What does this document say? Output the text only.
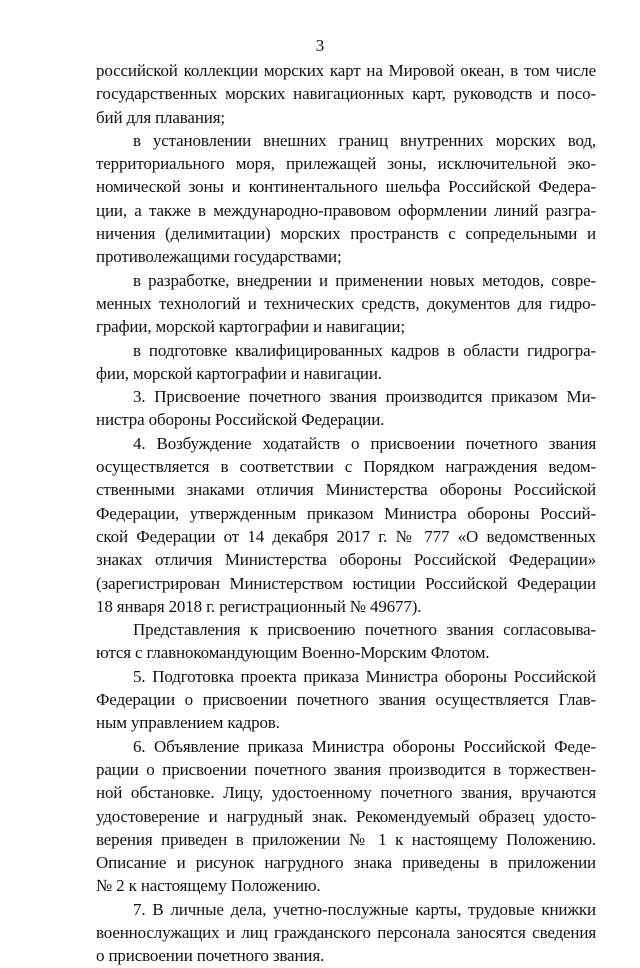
3

российской коллекции морских карт на Мировой океан, в том числе
государственных морских навигационных карт, руководств и посо-
бий для плавания;

в установлении внешних границ внутренних морских вод,
территориального моря, прилежащей зоны, исключительной эко-
номической зоны и континентального шельфа Российской Федера-
ции, а также в международно-правовом оформлении линий разгра-
ничения (делимитации) морских пространств с сопредельными и
противолежащими государствами;

в разработке, внедрении и применении новых методов, совре-
менных технологий и технических средств, документов для гидро-
графии, морской картографии и навигации;

в подготовке квалифицированных кадров в области гидрогра-
фии, морской картографии и навигации.

3. Присвоение почетного звания производится приказом Ми-
нистра обороны Российской Федерации.

4. Возбуждение ходатайств о присвоении почетного звания
осуществляется в соответствии с Порядком награждения ведом-
ственными знаками отличия Министерства обороны Российской
Федерации, утвержденным приказом Министра обороны Россий-
ской Федерации от 14 декабря 2017 г. № 777 «О ведомственных
знаках отличия Министерства обороны Российской Федерации»
(зарегистрирован Министерством юстиции Российской Федерации
18 января 2018 г. регистрационный № 49677).

Представления к присвоению почетного звания согласовыва-
ются с главнокомандующим Военно-Морским Флотом.

5. Подготовка проекта приказа Министра обороны Российской
Федерации о присвоении почетного звания осуществляется Глав-
ным управлением кадров.

6. Объявление приказа Министра обороны Российской Феде-
рации о присвоении почетного звания производится в торжествен-
ной обстановке. Лицу, удостоенному почетного звания, вручаются
удостоверение и нагрудный знак. Рекомендуемый образец удосто-
верения приведен в приложении № 1 к настоящему Положению.
Описание и рисунок нагрудного знака приведены в приложении
№ 2 к настоящему Положению.

7. В личные дела, учетно-послужные карты, трудовые книжки
военнослужащих и лиц гражданского персонала заносятся сведения
о присвоении почетного звания.
